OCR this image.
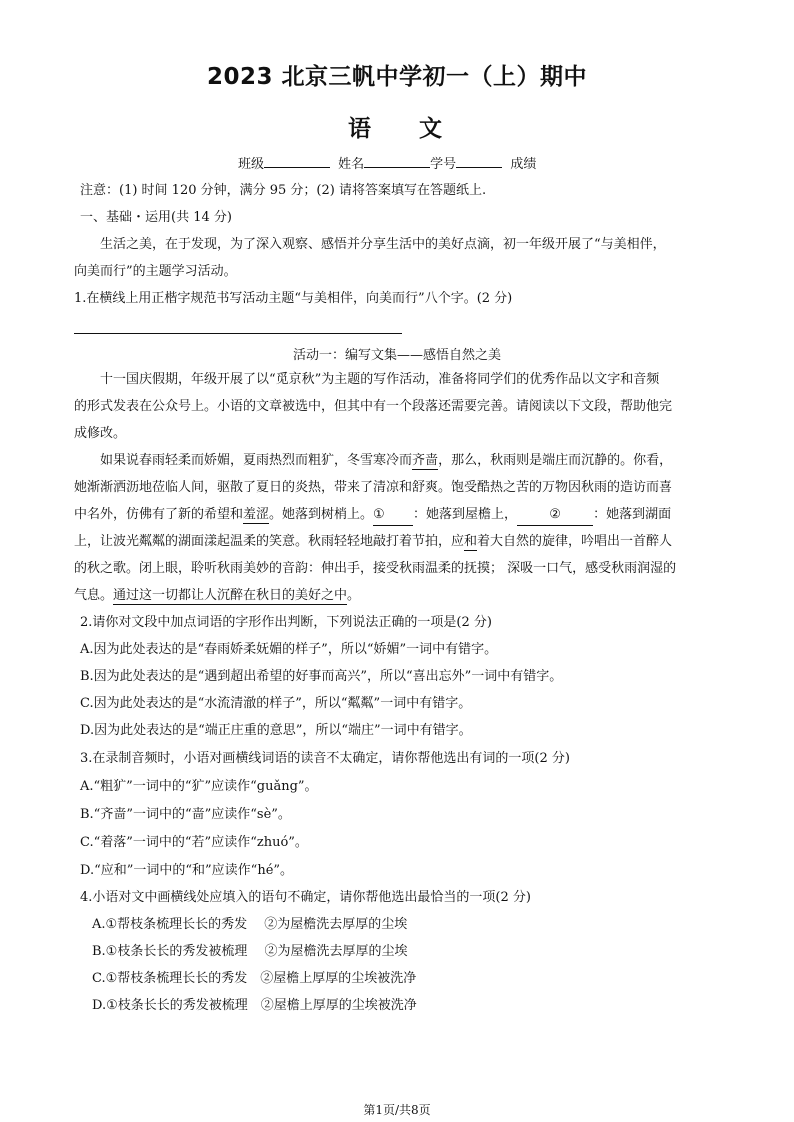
2023 北京三帆中学初一（上）期中
语文
班级	姓名	学号	成绩
注意：(1) 时间 120 分钟，满分 95 分；(2) 请将答案填写在答题纸上.
一、基础・运用(共 14 分)
生活之美，在于发现，为了深入观察、感悟并分享生活中的美好点滴，初一年级开展了“与美相伴，
向美而行”的主题学习活动。
1.在横线上用正楷字规范书写活动主题“与美相伴，向美而行”八个字。(2 分)
活动一：编写文集——感悟自然之美
十一国庆假期，年级开展了以“觅京秋”为主题的写作活动，准备将同学们的优秀作品以文字和音频
的形式发表在公众号上。小语的文章被选中，但其中有一个段落还需要完善。请阅读以下文段，帮助他完
成修改。
如果说春雨轻柔而娇媚，夏雨热烈而粗犷，冬雪寒冷而齐啬，那么，秋雨则是端庄而沉静的。你看，
她渐渐洒沥地莅临人间，驱散了夏日的炎热，带来了清凉和舒爽。饱受酷热之苦的万物因秋雨的造访而喜
中名外，仿佛有了新的希望和羞涩。她落到树梢上。① ：她落到屋檐上， ② ：她落到湖面
上，让波光粼粼的湖面漾起温柔的笑意。秋雨轻轻地敲打着节拍，应和着大自然的旋律，吟唱出一首醉人
的秋之歌。闭上眼，聆听秋雨美妙的音韵：伸出手，接受秋雨温柔的抚摸； 深吸一口气，感受秋雨润湿的
气息。通过这一切都让人沉醉在秋日的美好之中。
2.请你对文段中加点词语的字形作出判断，下列说法正确的一项是(2 分)
A.因为此处表达的是“春雨娇柔妩媚的样子”，所以“娇媚”一词中有错字。
B.因为此处表达的是“遇到超出希望的好事而高兴”，所以“喜出忘外”一词中有错字。
C.因为此处表达的是“水流清澈的样子”，所以“粼粼”一词中有错字。
D.因为此处表达的是“端正庄重的意思”，所以“端庄”一词中有错字。
3.在录制音频时，小语对画横线词语的读音不太确定，请你帮他选出有词的一项(2 分)
A.“粗犷”一词中的“犷”应读作“guǎng”。
B.“齐啬”一词中的“啬”应读作“sè”。
C.“着落”一词中的“若”应读作“zhuó”。
D.“应和”一词中的“和”应读作“hé”。
4.小语对文中画横线处应填入的语句不确定，请你帮他选出最恰当的一项(2 分)
A.①帮枝条梳理长长的秀发　 ②为屋檐洗去厚厚的尘埃
B.①枝条长长的秀发被梳理　 ②为屋檐洗去厚厚的尘埃
C.①帮枝条梳理长长的秀发　②屋檐上厚厚的尘埃被洗净
D.①枝条长长的秀发被梳理　②屋檐上厚厚的尘埃被洗净
第1页/共8页
